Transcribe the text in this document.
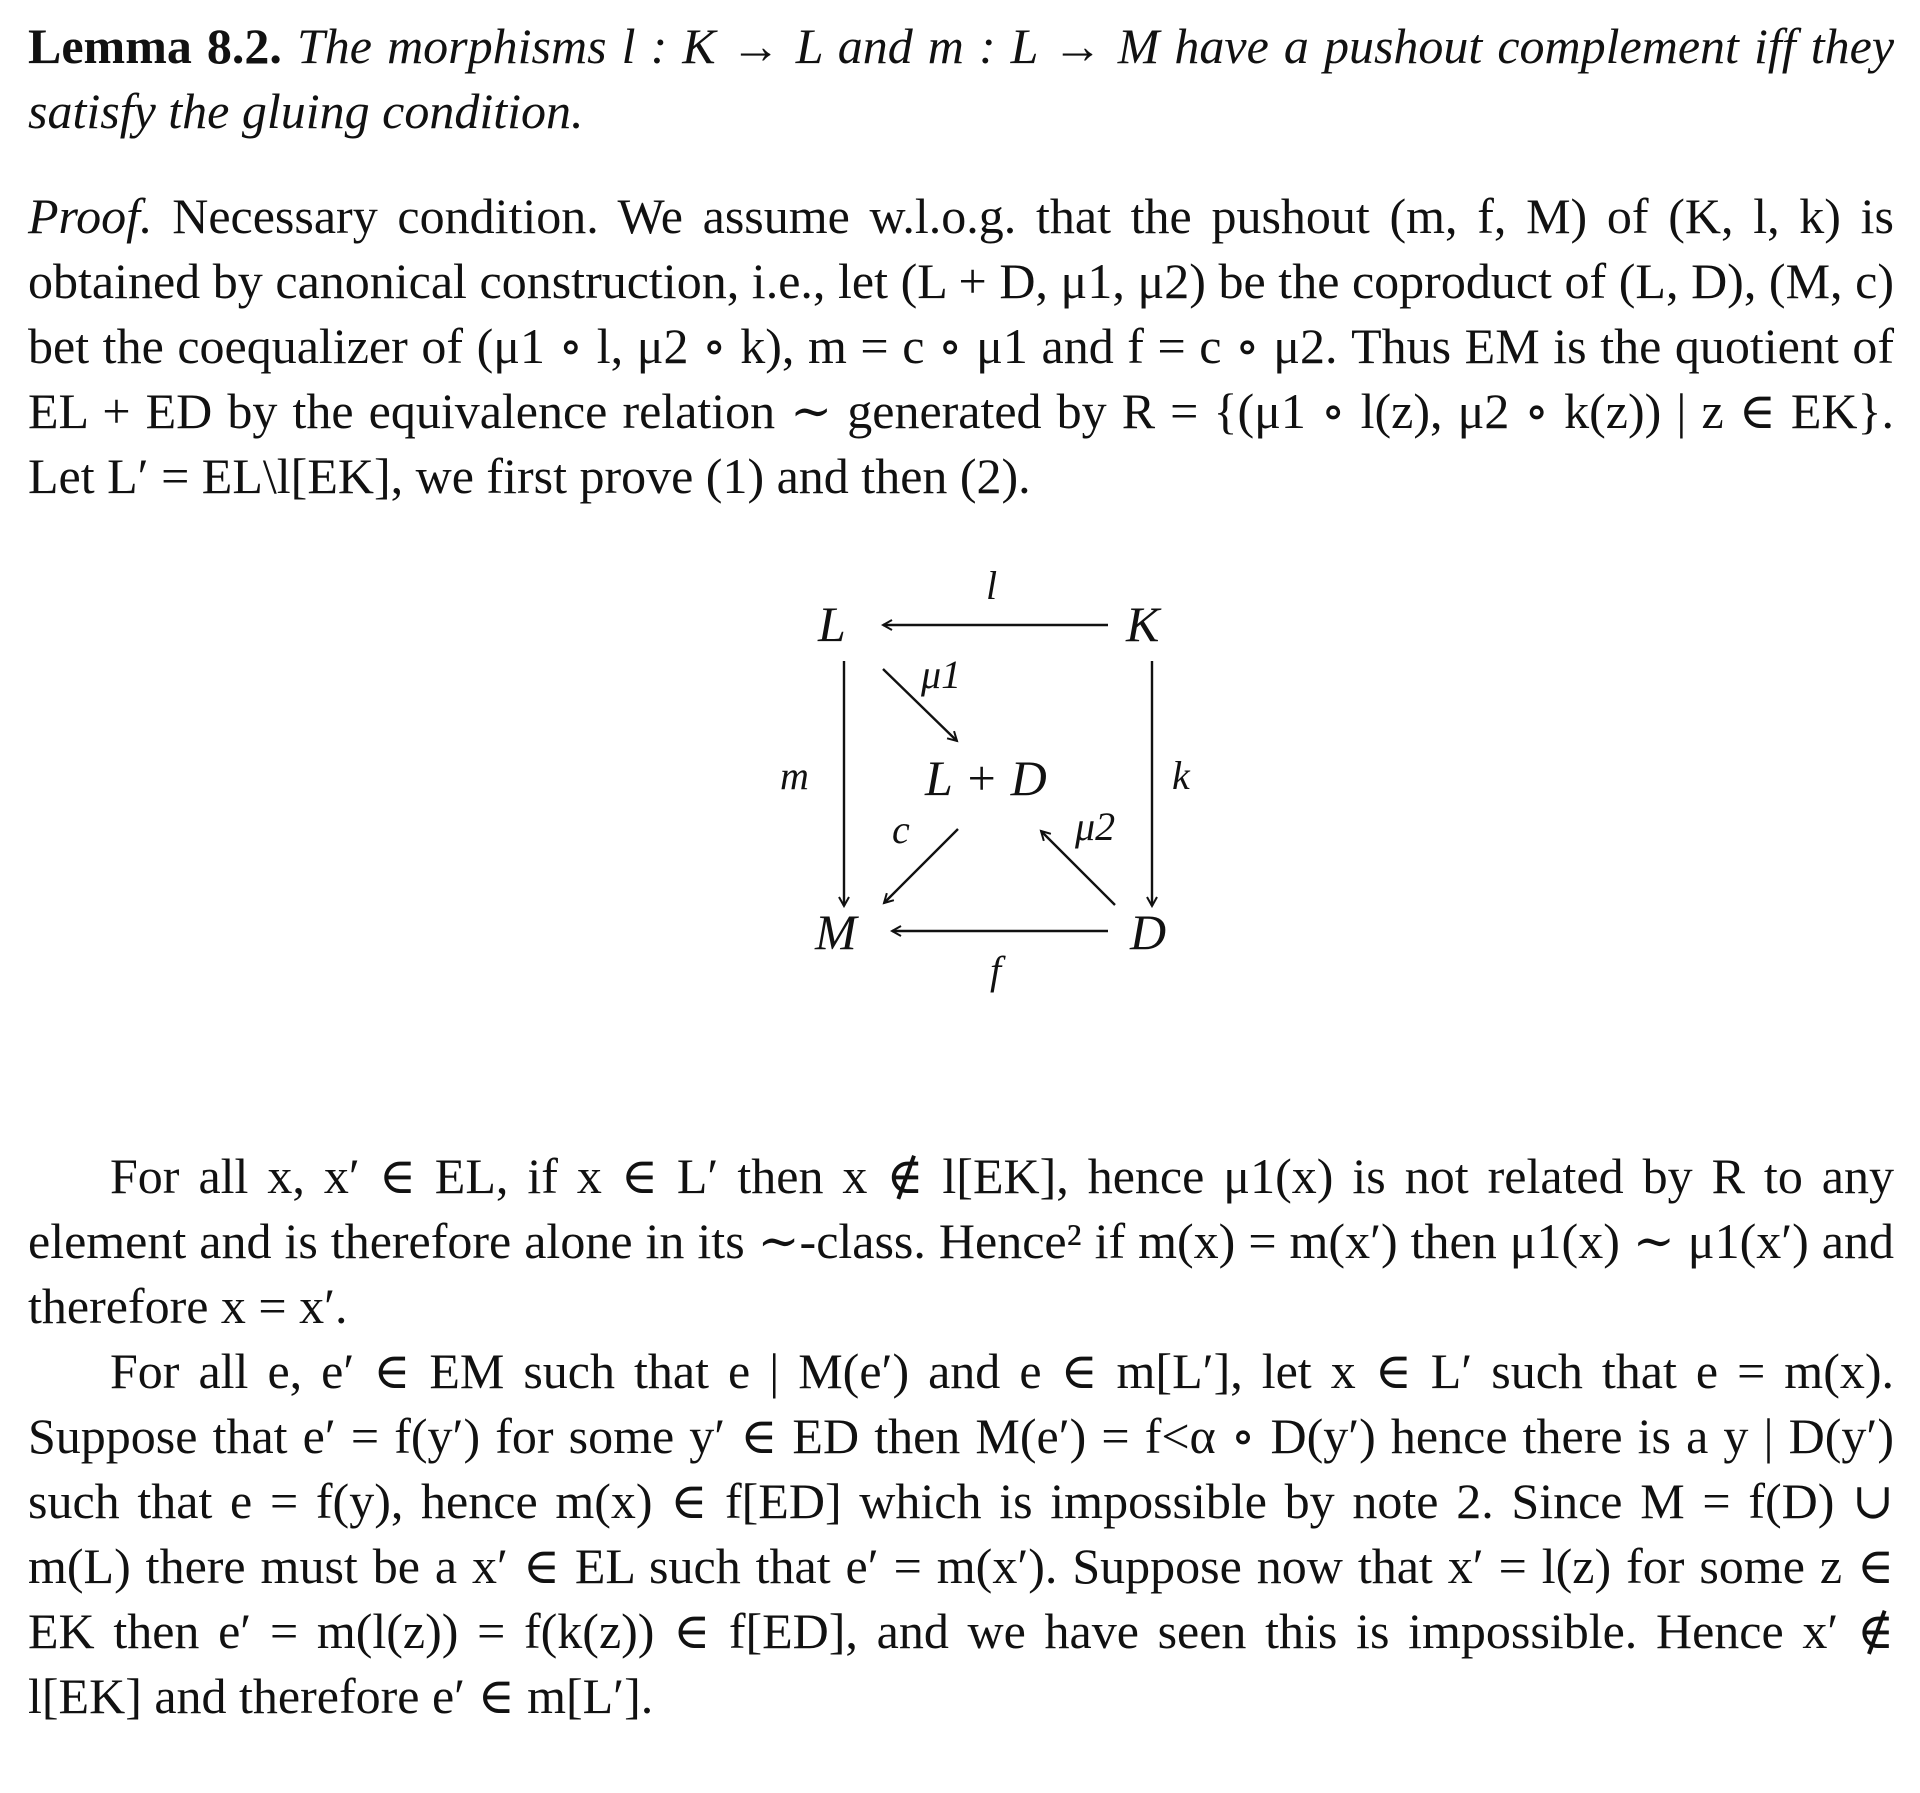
Lemma 8.2. The morphisms l : K → L and m : L → M have a pushout complement iff they satisfy the gluing condition.

Proof. Necessary condition. We assume w.l.o.g. that the pushout (m, f, M) of (K, l, k) is obtained by canonical construction, i.e., let (L + D, μ1, μ2) be the coproduct of (L, D), (M, c) bet the coequalizer of (μ1 ∘ l, μ2 ∘ k), m = c ∘ μ1 and f = c ∘ μ2. Thus EM is the quotient of EL + ED by the equivalence relation ∼ generated by R = {(μ1 ∘ l(z), μ2 ∘ k(z)) | z ∈ EK}. Let L′ = EL\l[EK], we first prove (1) and then (2).

L	K
L + D
M	D
l
m	k
f
μ1
μ2
c

For all x, x′ ∈ EL, if x ∈ L′ then x ∉ l[EK], hence μ1(x) is not related by R to any element and is therefore alone in its ∼-class. Hence² if m(x) = m(x′) then μ1(x) ∼ μ1(x′) and therefore x = x′.

For all e, e′ ∈ EM such that e | M(e′) and e ∈ m[L′], let x ∈ L′ such that e = m(x). Suppose that e′ = f(y′) for some y′ ∈ ED then M(e′) = f<α ∘ D(y′) hence there is a y | D(y′) such that e = f(y), hence m(x) ∈ f[ED] which is impossible by note 2. Since M = f(D) ∪ m(L) there must be a x′ ∈ EL such that e′ = m(x′). Suppose now that x′ = l(z) for some z ∈ EK then e′ = m(l(z)) = f(k(z)) ∈ f[ED], and we have seen this is impossible. Hence x′ ∉ l[EK] and therefore e′ ∈ m[L′].
